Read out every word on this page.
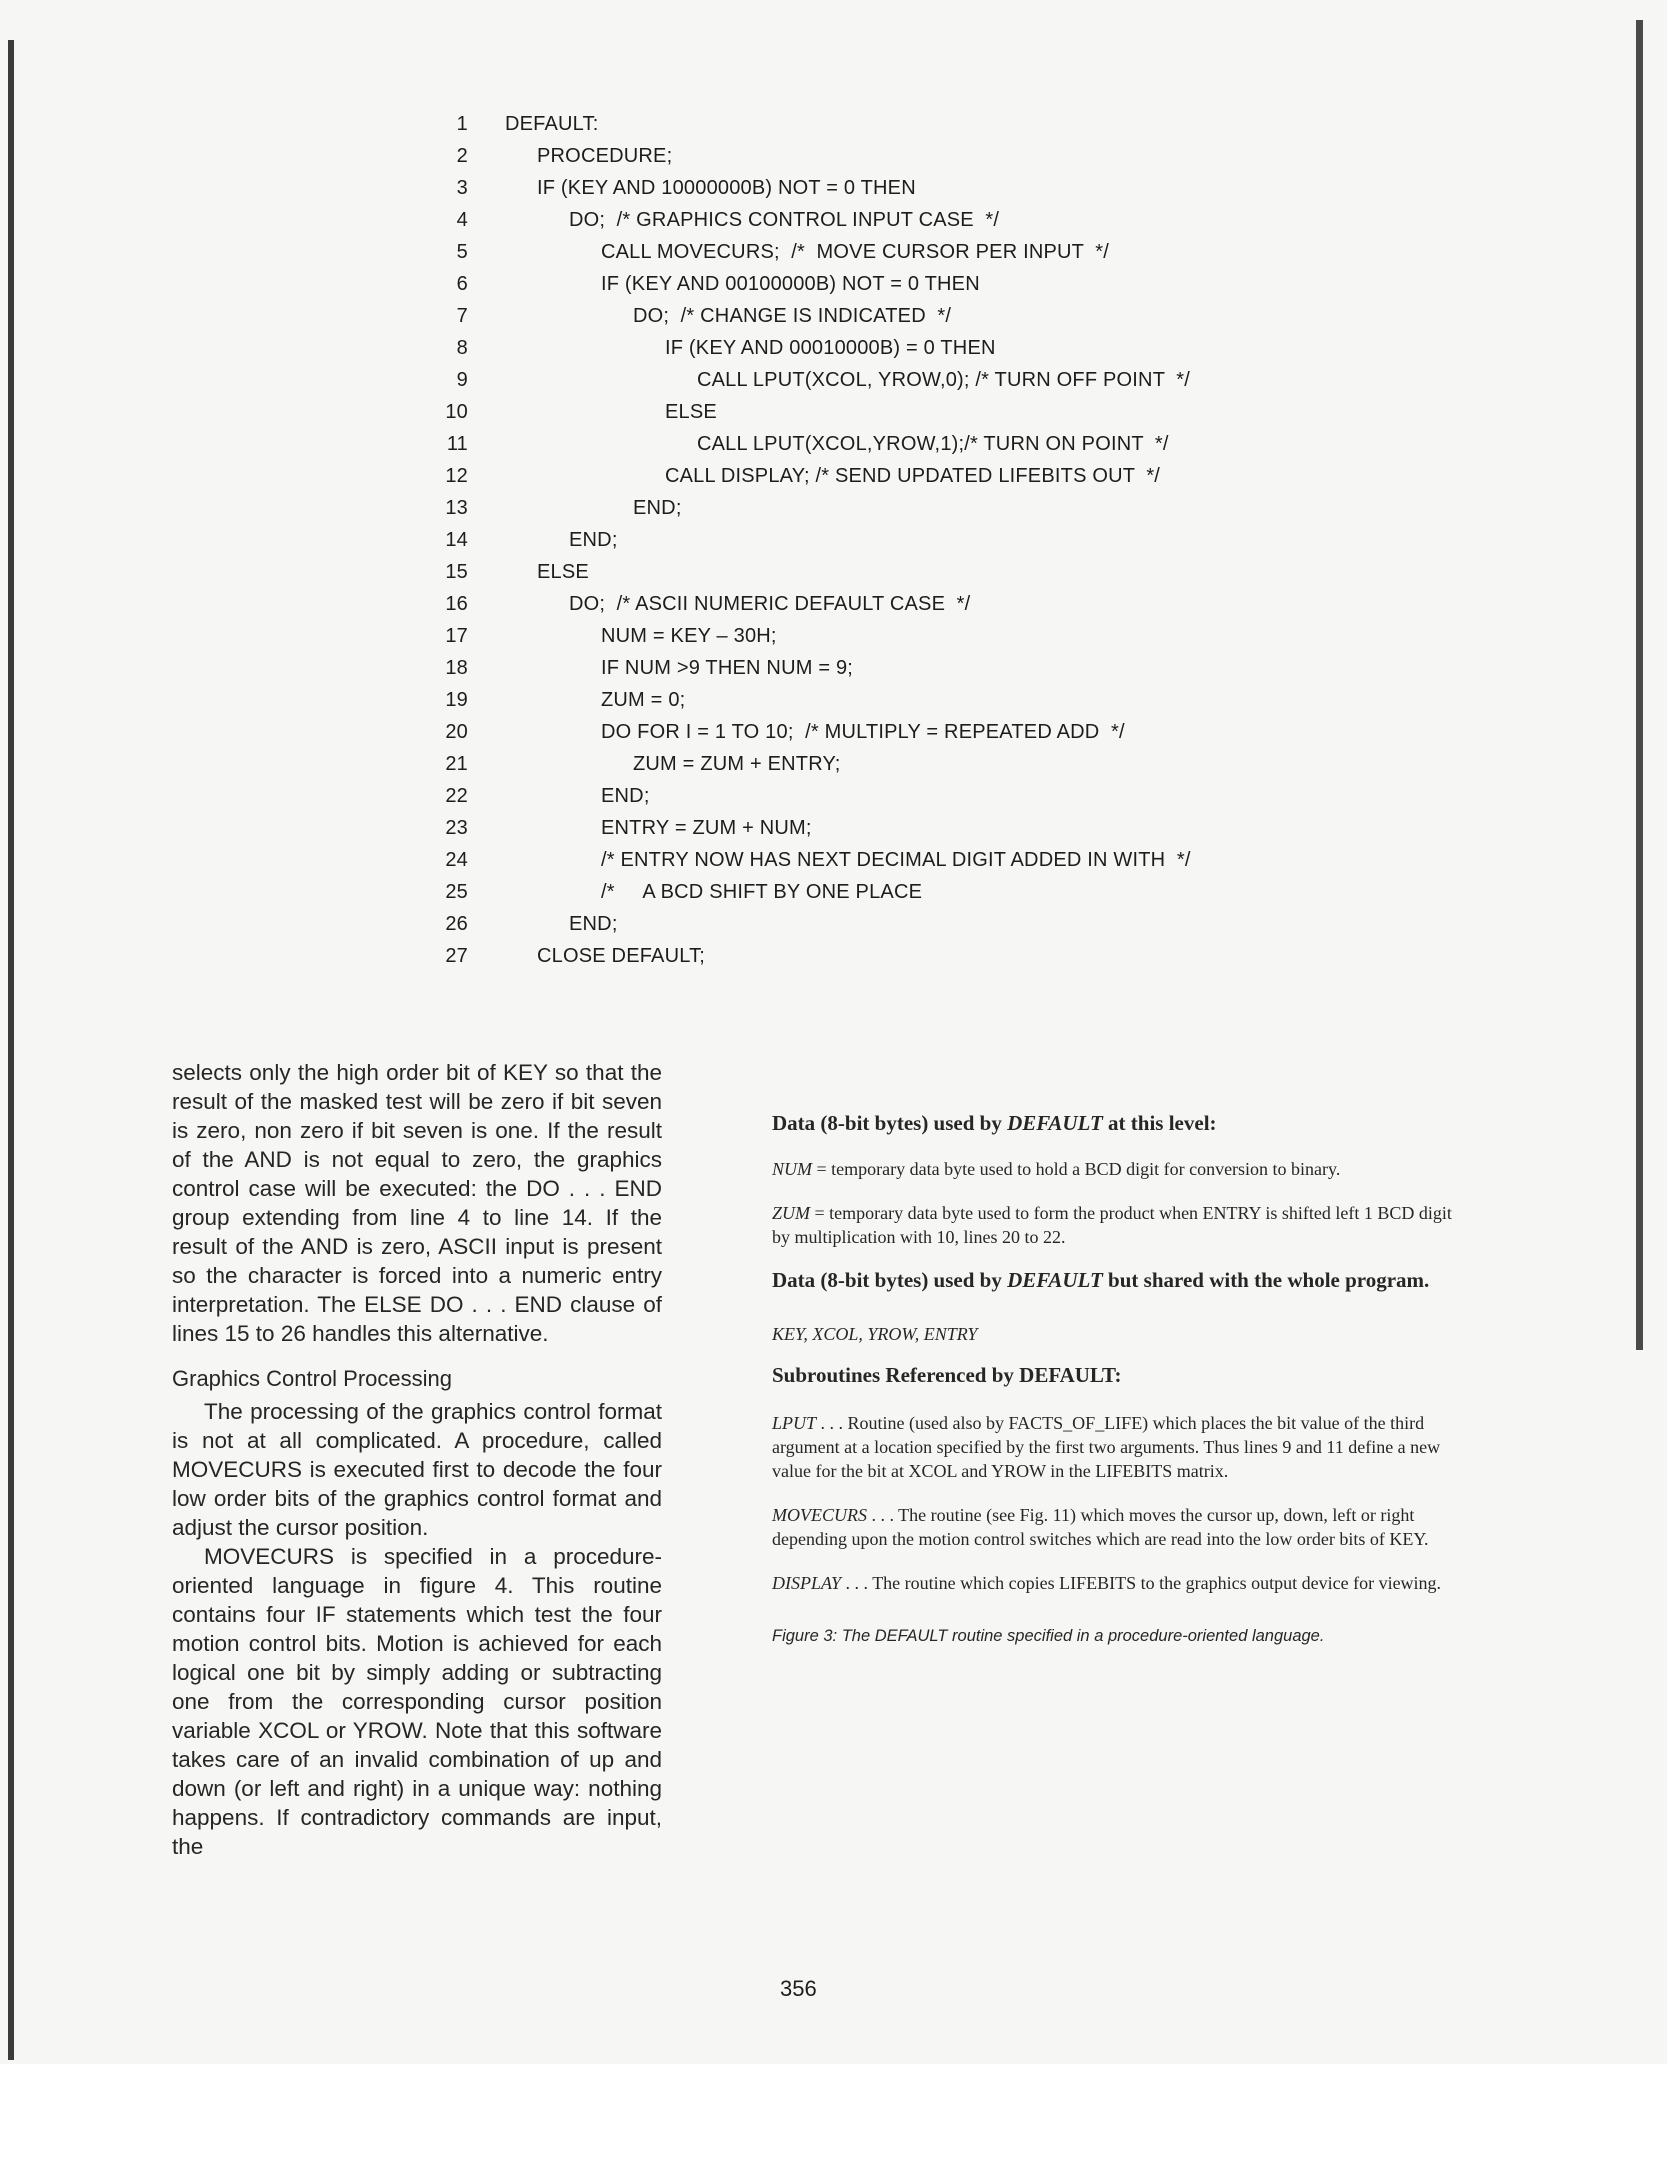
1 DEFAULT:
2	PROCEDURE;
3	IF (KEY AND 10000000B) NOT = 0 THEN
4	DO;  /* GRAPHICS CONTROL INPUT CASE  */
5	CALL MOVECURS;  /*  MOVE CURSOR PER INPUT  */
6	IF (KEY AND 00100000B) NOT = 0 THEN
7	DO;  /* CHANGE IS INDICATED  */
8	IF (KEY AND 00010000B) = 0 THEN
9	CALL LPUT(XCOL, YROW,0); /* TURN OFF POINT  */
10	ELSE
11	CALL LPUT(XCOL,YROW,1);/* TURN ON POINT  */
12	CALL DISPLAY; /* SEND UPDATED LIFEBITS OUT  */
13	END;
14	END;
15	ELSE
16	DO;  /* ASCII NUMERIC DEFAULT CASE  */
17	NUM = KEY – 30H;
18	IF NUM >9 THEN NUM = 9;
19	ZUM = 0;
20	DO FOR I = 1 TO 10;  /* MULTIPLY = REPEATED ADD  */
21	ZUM = ZUM + ENTRY;
22	END;
23	ENTRY = ZUM + NUM;
24	/* ENTRY NOW HAS NEXT DECIMAL DIGIT ADDED IN WITH  */
25	/*     A BCD SHIFT BY ONE PLACE
26	END;
27	CLOSE DEFAULT;

selects only the high order bit of KEY so that the result of the masked test will be zero if bit seven is zero, non zero if bit seven is one. If the result of the AND is not equal to zero, the graphics control case will be executed: the DO . . . END group extending from line 4 to line 14. If the result of the AND is zero, ASCII input is present so the character is forced into a numeric entry interpretation. The ELSE DO . . . END clause of lines 15 to 26 handles this alternative.

Graphics Control Processing

The processing of the graphics control format is not at all complicated. A procedure, called MOVECURS is executed first to decode the four low order bits of the graphics control format and adjust the cursor position.

MOVECURS is specified in a procedure-oriented language in figure 4. This routine contains four IF statements which test the four motion control bits. Motion is achieved for each logical one bit by simply adding or subtracting one from the corresponding cursor position variable XCOL or YROW. Note that this software takes care of an invalid combination of up and down (or left and right) in a unique way: nothing happens. If contradictory commands are input, the

Data (8-bit bytes) used by DEFAULT at this level:

NUM = temporary data byte used to hold a BCD digit for conversion to binary.

ZUM = temporary data byte used to form the product when ENTRY is shifted left 1 BCD digit by multiplication with 10, lines 20 to 22.

Data (8-bit bytes) used by DEFAULT but shared with the whole program.

KEY, XCOL, YROW, ENTRY

Subroutines Referenced by DEFAULT:

LPUT . . . Routine (used also by FACTS_OF_LIFE) which places the bit value of the third argument at a location specified by the first two arguments. Thus lines 9 and 11 define a new value for the bit at XCOL and YROW in the LIFEBITS matrix.

MOVECURS . . . The routine (see Fig. 11) which moves the cursor up, down, left or right depending upon the motion control switches which are read into the low order bits of KEY.

DISPLAY . . . The routine which copies LIFEBITS to the graphics output device for viewing.

Figure 3: The DEFAULT routine specified in a procedure-oriented language.

356
